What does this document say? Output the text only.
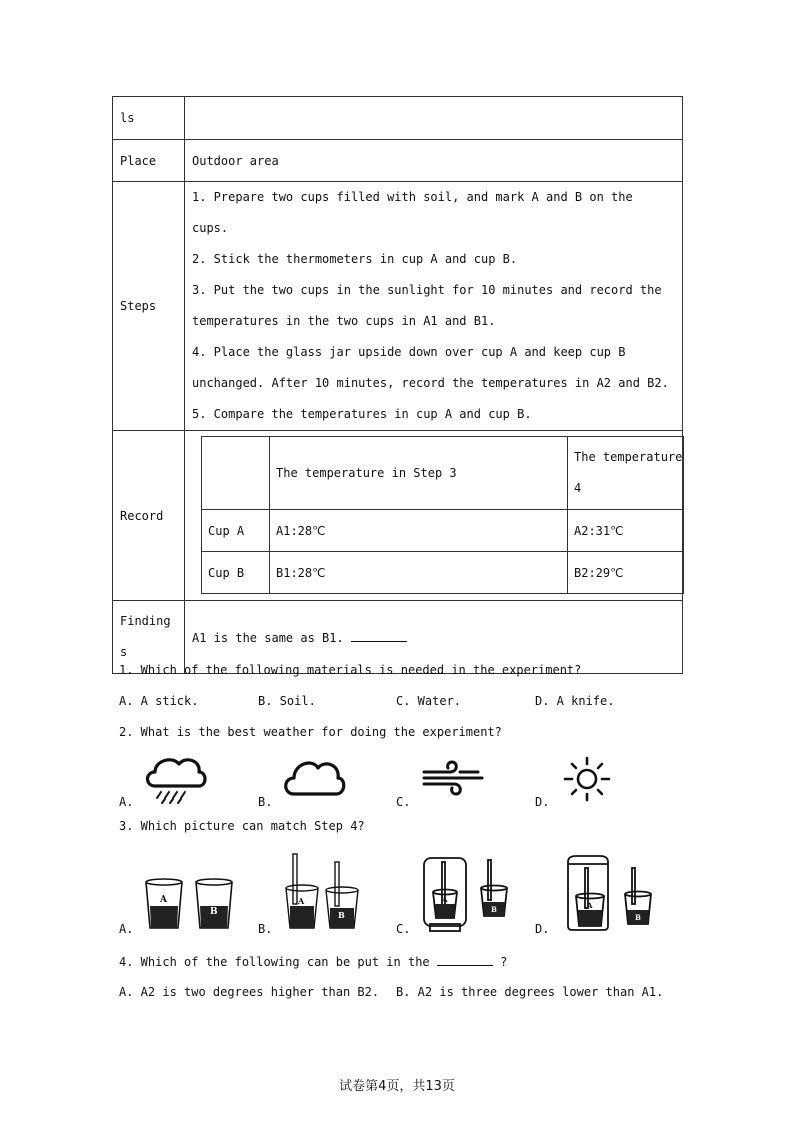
ls	
Place	Outdoor area
Steps	

1. Prepare two cups filled with soil, and mark A and B on the cups.

2. Stick the thermometers in cup A and cup B.

3. Put the two cups in the sunlight for 10 minutes and record the

temperatures in the two cups in A1 and B1.

4. Place the glass jar upside down over cup A and keep cup B

unchanged. After 10 minutes, record the temperatures in A2 and B2.

5. Compare the temperatures in cup A and cup B.

Record	
	The temperature in Step 3	The temperature
4
Cup A	A1:28℃	A2:31℃
Cup B	B1:28℃	B2:29℃

Finding
s	A1 is the same as B1.
1. Which of the following materials is needed in the experiment?
A. A stick.	B. Soil.	C. Water.	D. A knife.
2. What is the best weather for doing the experiment?
A.	B.	C.	D.
3. Which picture can match Step 4?
A.	B.	C.	D.
A
B
A
B
A
B	A
B
4. Which of the following can be put in the	?
A. A2 is two degrees higher than B2. B. A2 is three degrees lower than A1.
试卷第4页，共13页
